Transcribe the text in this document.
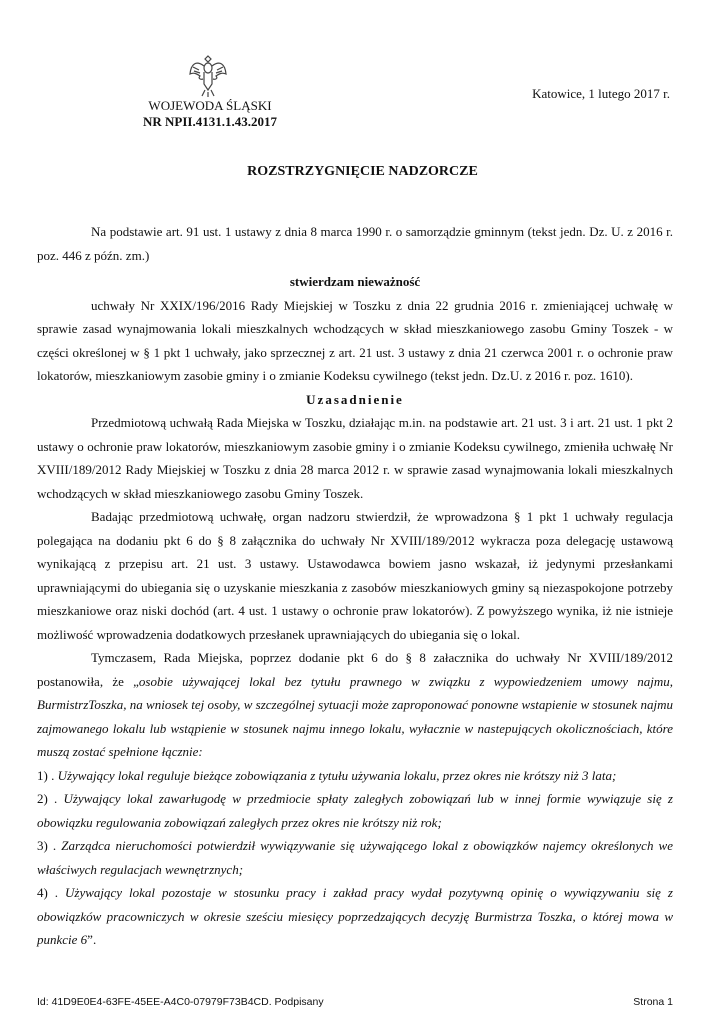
WOJEWODA ŚLĄSKI
NR NPII.4131.1.43.2017
Katowice, 1 lutego 2017 r.
ROZSTRZYGNIĘCIE NADZORCZE

Na podstawie art. 91 ust. 1 ustawy z dnia 8 marca 1990 r. o samorządzie gminnym (tekst jedn. Dz. U. z 2016 r. poz. 446 z późn. zm.)

stwierdzam nieważność

uchwały Nr XXIX/196/2016 Rady Miejskiej w Toszku z dnia 22 grudnia 2016 r. zmieniającej uchwałę w sprawie zasad wynajmowania lokali mieszkalnych wchodzących w skład mieszkaniowego zasobu Gminy Toszek - w części określonej w § 1 pkt 1 uchwały, jako sprzecznej z art. 21 ust. 3 ustawy z dnia 21 czerwca 2001 r. o ochronie praw lokatorów, mieszkaniowym zasobie gminy i o zmianie Kodeksu cywilnego (tekst jedn. Dz.U. z 2016 r. poz. 1610).

Uzasadnienie

Przedmiotową uchwałą Rada Miejska w Toszku, działając m.in. na podstawie art. 21 ust. 3 i art. 21 ust. 1 pkt 2 ustawy o ochronie praw lokatorów, mieszkaniowym zasobie gminy i o zmianie Kodeksu cywilnego, zmieniła uchwałę Nr XVIII/189/2012 Rady Miejskiej w Toszku z dnia 28 marca 2012 r. w sprawie zasad wynajmowania lokali mieszkalnych wchodzących w skład mieszkaniowego zasobu Gminy Toszek.

Badając przedmiotową uchwałę, organ nadzoru stwierdził, że wprowadzona § 1 pkt 1 uchwały regulacja polegająca na dodaniu pkt 6 do § 8 załącznika do uchwały Nr XVIII/189/2012 wykracza poza delegację ustawową wynikającą z przepisu art. 21 ust. 3 ustawy. Ustawodawca bowiem jasno wskazał, iż jedynymi przesłankami uprawniającymi do ubiegania się o uzyskanie mieszkania z zasobów mieszkaniowych gminy są niezaspokojone potrzeby mieszkaniowe oraz niski dochód (art. 4 ust. 1 ustawy o ochronie praw lokatorów). Z powyższego wynika, iż nie istnieje możliwość wprowadzenia dodatkowych przesłanek uprawniających do ubiegania się o lokal.

Tymczasem, Rada Miejska, poprzez dodanie pkt 6 do § 8 załacznika do uchwały Nr XVIII/189/2012 postanowiła, że „osobie używającej lokal bez tytułu prawnego w związku z wypowiedzeniem umowy najmu, BurmistrzToszka, na wniosek tej osoby, w szczególnej sytuacji może zaproponować ponowne wstapienie w stosunek najmu zajmowanego lokalu lub wstąpienie w stosunek najmu innego lokalu, wyłacznie w nastepujących okolicznościach, które muszą zostać spełnione łącznie:

1) . Używający lokal reguluje bieżące zobowiązania z tytułu używania lokalu, przez okres nie krótszy niż 3 lata;

2) . Używający lokal zawarługodę w przedmiocie spłaty zaległych zobowiązań lub w innej formie wywiązuje się z obowiązku regulowania zobowiązań zaległych przez okres nie krótszy niż rok;

3) . Zarządca nieruchomości potwierdził wywiązywanie się używającego lokal z obowiązków najemcy określonych we właściwych regulacjach wewnętrznych;

4) . Używający lokal pozostaje w stosunku pracy i zakład pracy wydał pozytywną opinię o wywiązywaniu się z obowiązków pracowniczych w okresie sześciu miesięcy poprzedzających decyzję Burmistrza Toszka, o której mowa w punkcie 6”.

Id: 41D9E0E4-63FE-45EE-A4C0-07979F73B4CD. Podpisany	Strona 1
